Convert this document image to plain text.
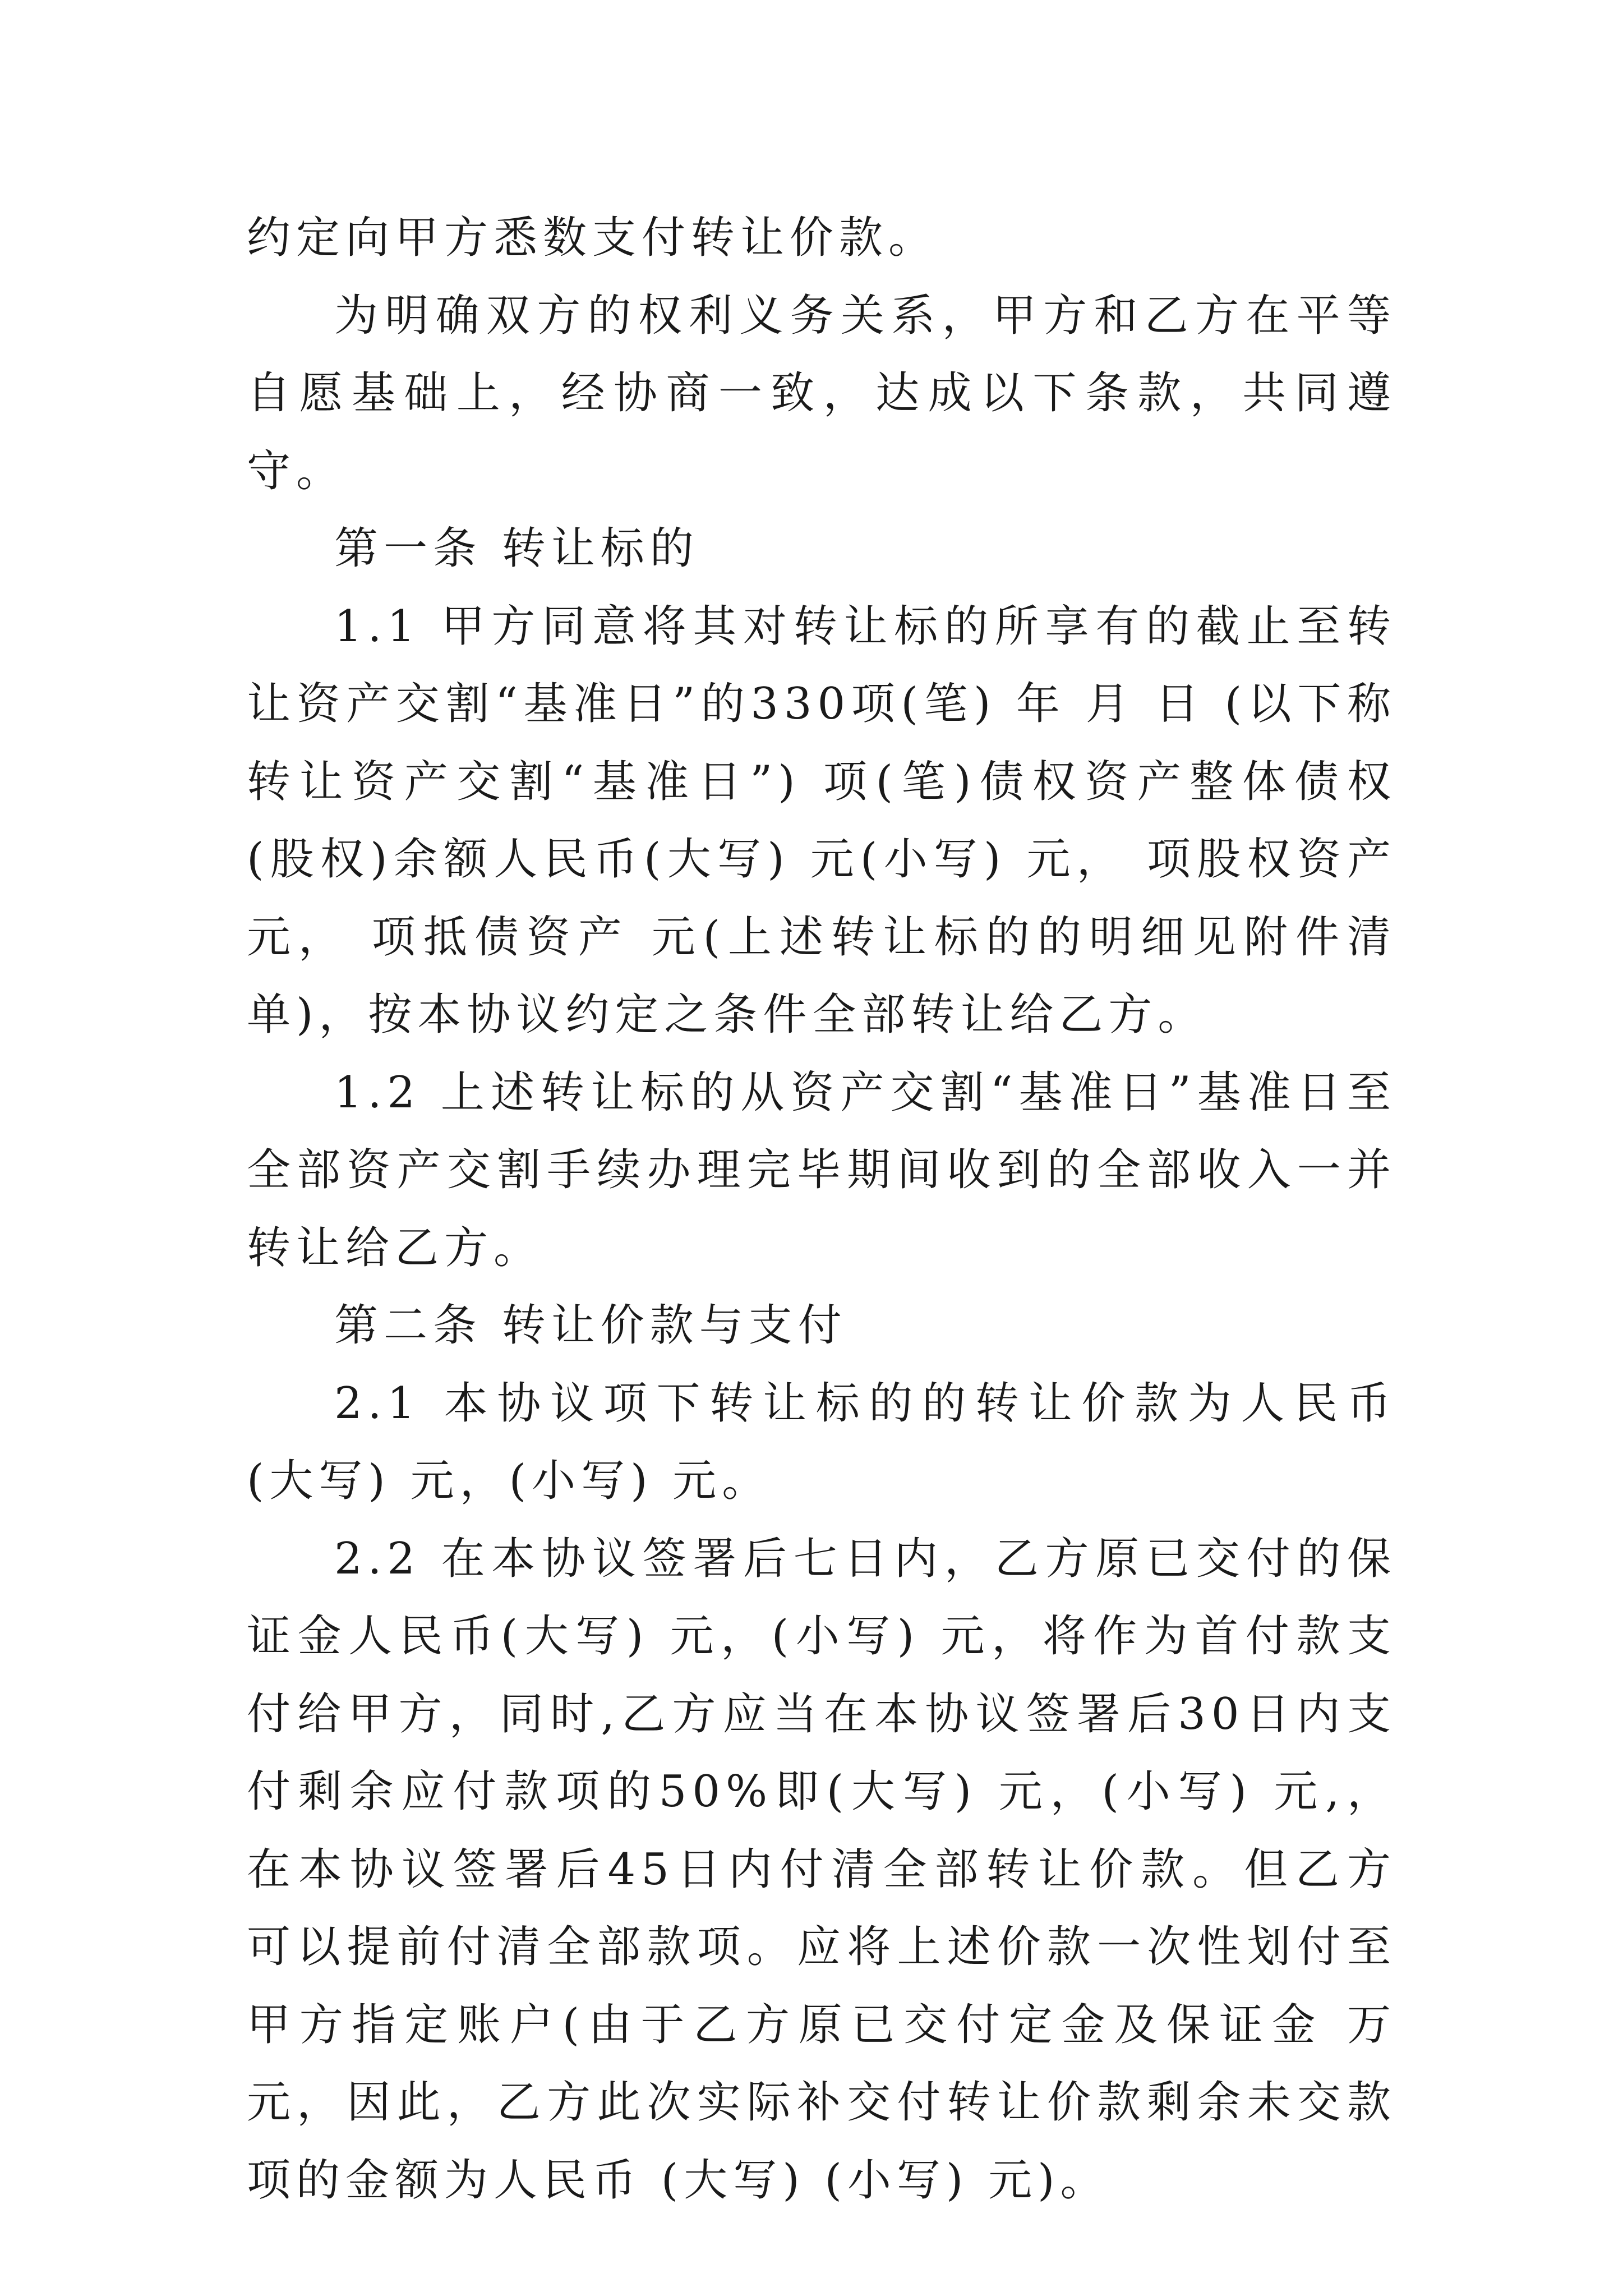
约定向甲方悉数支付转让价款。

为明确双方的权利义务关系，甲方和乙方在平等自愿基础上，经协商一致，达成以下条款，共同遵守。

第一条 转让标的

1.1 甲方同意将其对转让标的所享有的截止至转让资产交割“基准日”的330项(笔) 年 月 日 (以下称转让资产交割“基准日”) 项(笔)债权资产整体债权(股权)余额人民币(大写) 元(小写) 元， 项股权资产 元， 项抵债资产 元(上述转让标的的明细见附件清单)，按本协议约定之条件全部转让给乙方。

1.2 上述转让标的从资产交割“基准日”基准日至全部资产交割手续办理完毕期间收到的全部收入一并转让给乙方。

第二条 转让价款与支付

2.1 本协议项下转让标的的转让价款为人民币(大写) 元，(小写) 元。

2.2 在本协议签署后七日内，乙方原已交付的保证金人民币(大写) 元，(小写) 元，将作为首付款支付给甲方，同时,乙方应当在本协议签署后30日内支付剩余应付款项的50%即(大写) 元，(小写) 元,，在本协议签署后45日内付清全部转让价款。但乙方可以提前付清全部款项。应将上述价款一次性划付至甲方指定账户(由于乙方原已交付定金及保证金 万元，因此，乙方此次实际补交付转让价款剩余未交款项的金额为人民币 (大写) (小写) 元)。
